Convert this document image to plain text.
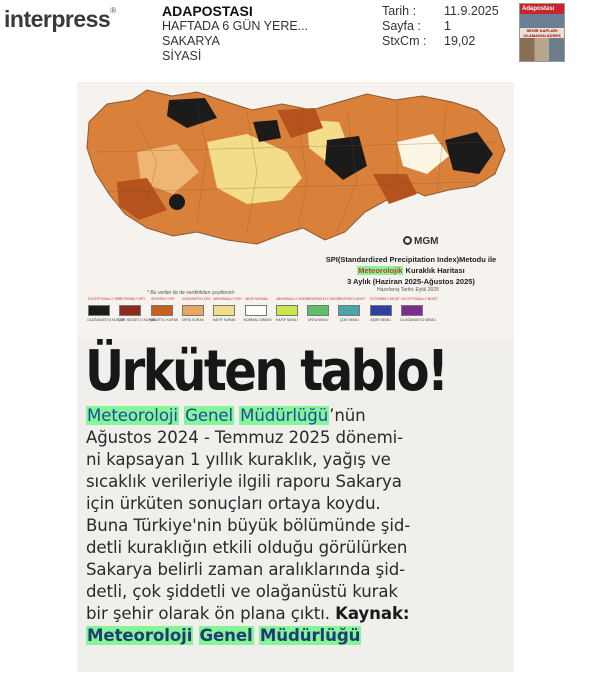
interpress®	ADAPOSTASI
HAFTADA 6 GÜN YERE...
SAKARYA
SİYASİ
Tarih :	11.9.2025
Sayfa :	1
StxCm :	19,02
Adapostası
SEHİR KAPLARI OLAMAYAN ADRES
MGM
SPI(Standardized Precipitation Index)Metodu ile
Meteorolojik Kuraklık Haritası
3 Aylık (Haziran 2025-Ağustos 2025)
Hazırlanış Tarihi: Eylül 2025
* Bu veriler ile de verdiriliden çeşitlenirir.
EXCEPTIONALLY DRY
OLAĞANÜSTÜ KURAK
EXTREMELY DRY
ÇOK ŞİDDETLİ KURAK
SEVERELY DRY
ŞİDDETLİ KURAK
MODERATELY DRY
ORTA KURAK
ABNORMALLY DRY
HAFİF KURAK
NEAR NORMAL
NORMAL DİNEMİ
ABNORMALLY MOIST
HAFİF NEMLİ
MODERATELY MOIST
ORTA NEMLİ
SEVERELY MOIST
ÇOK NEMLİ
EXTREMELY MOIST
AŞIRI NEMLİ
EXCEPTIONALLY MOIST
OLAĞANÜSTÜ NEMLİ
Ürküten tablo!
Meteoroloji Genel Müdürlüğü’nün
Ağustos 2024 - Temmuz 2025 dönemi-
ni kapsayan 1 yıllık kuraklık, yağış ve
sıcaklık verileriyle ilgili raporu Sakarya
için ürküten sonuçları ortaya koydu.
Buna Türkiye'nin büyük bölümünde şid-
detli kuraklığın etkili olduğu görülürken
Sakarya belirli zaman aralıklarında şid-
detli, çok şiddetli ve olağanüstü kurak
bir şehir olarak ön plana çıktı. Kaynak:
Meteoroloji Genel Müdürlüğü
